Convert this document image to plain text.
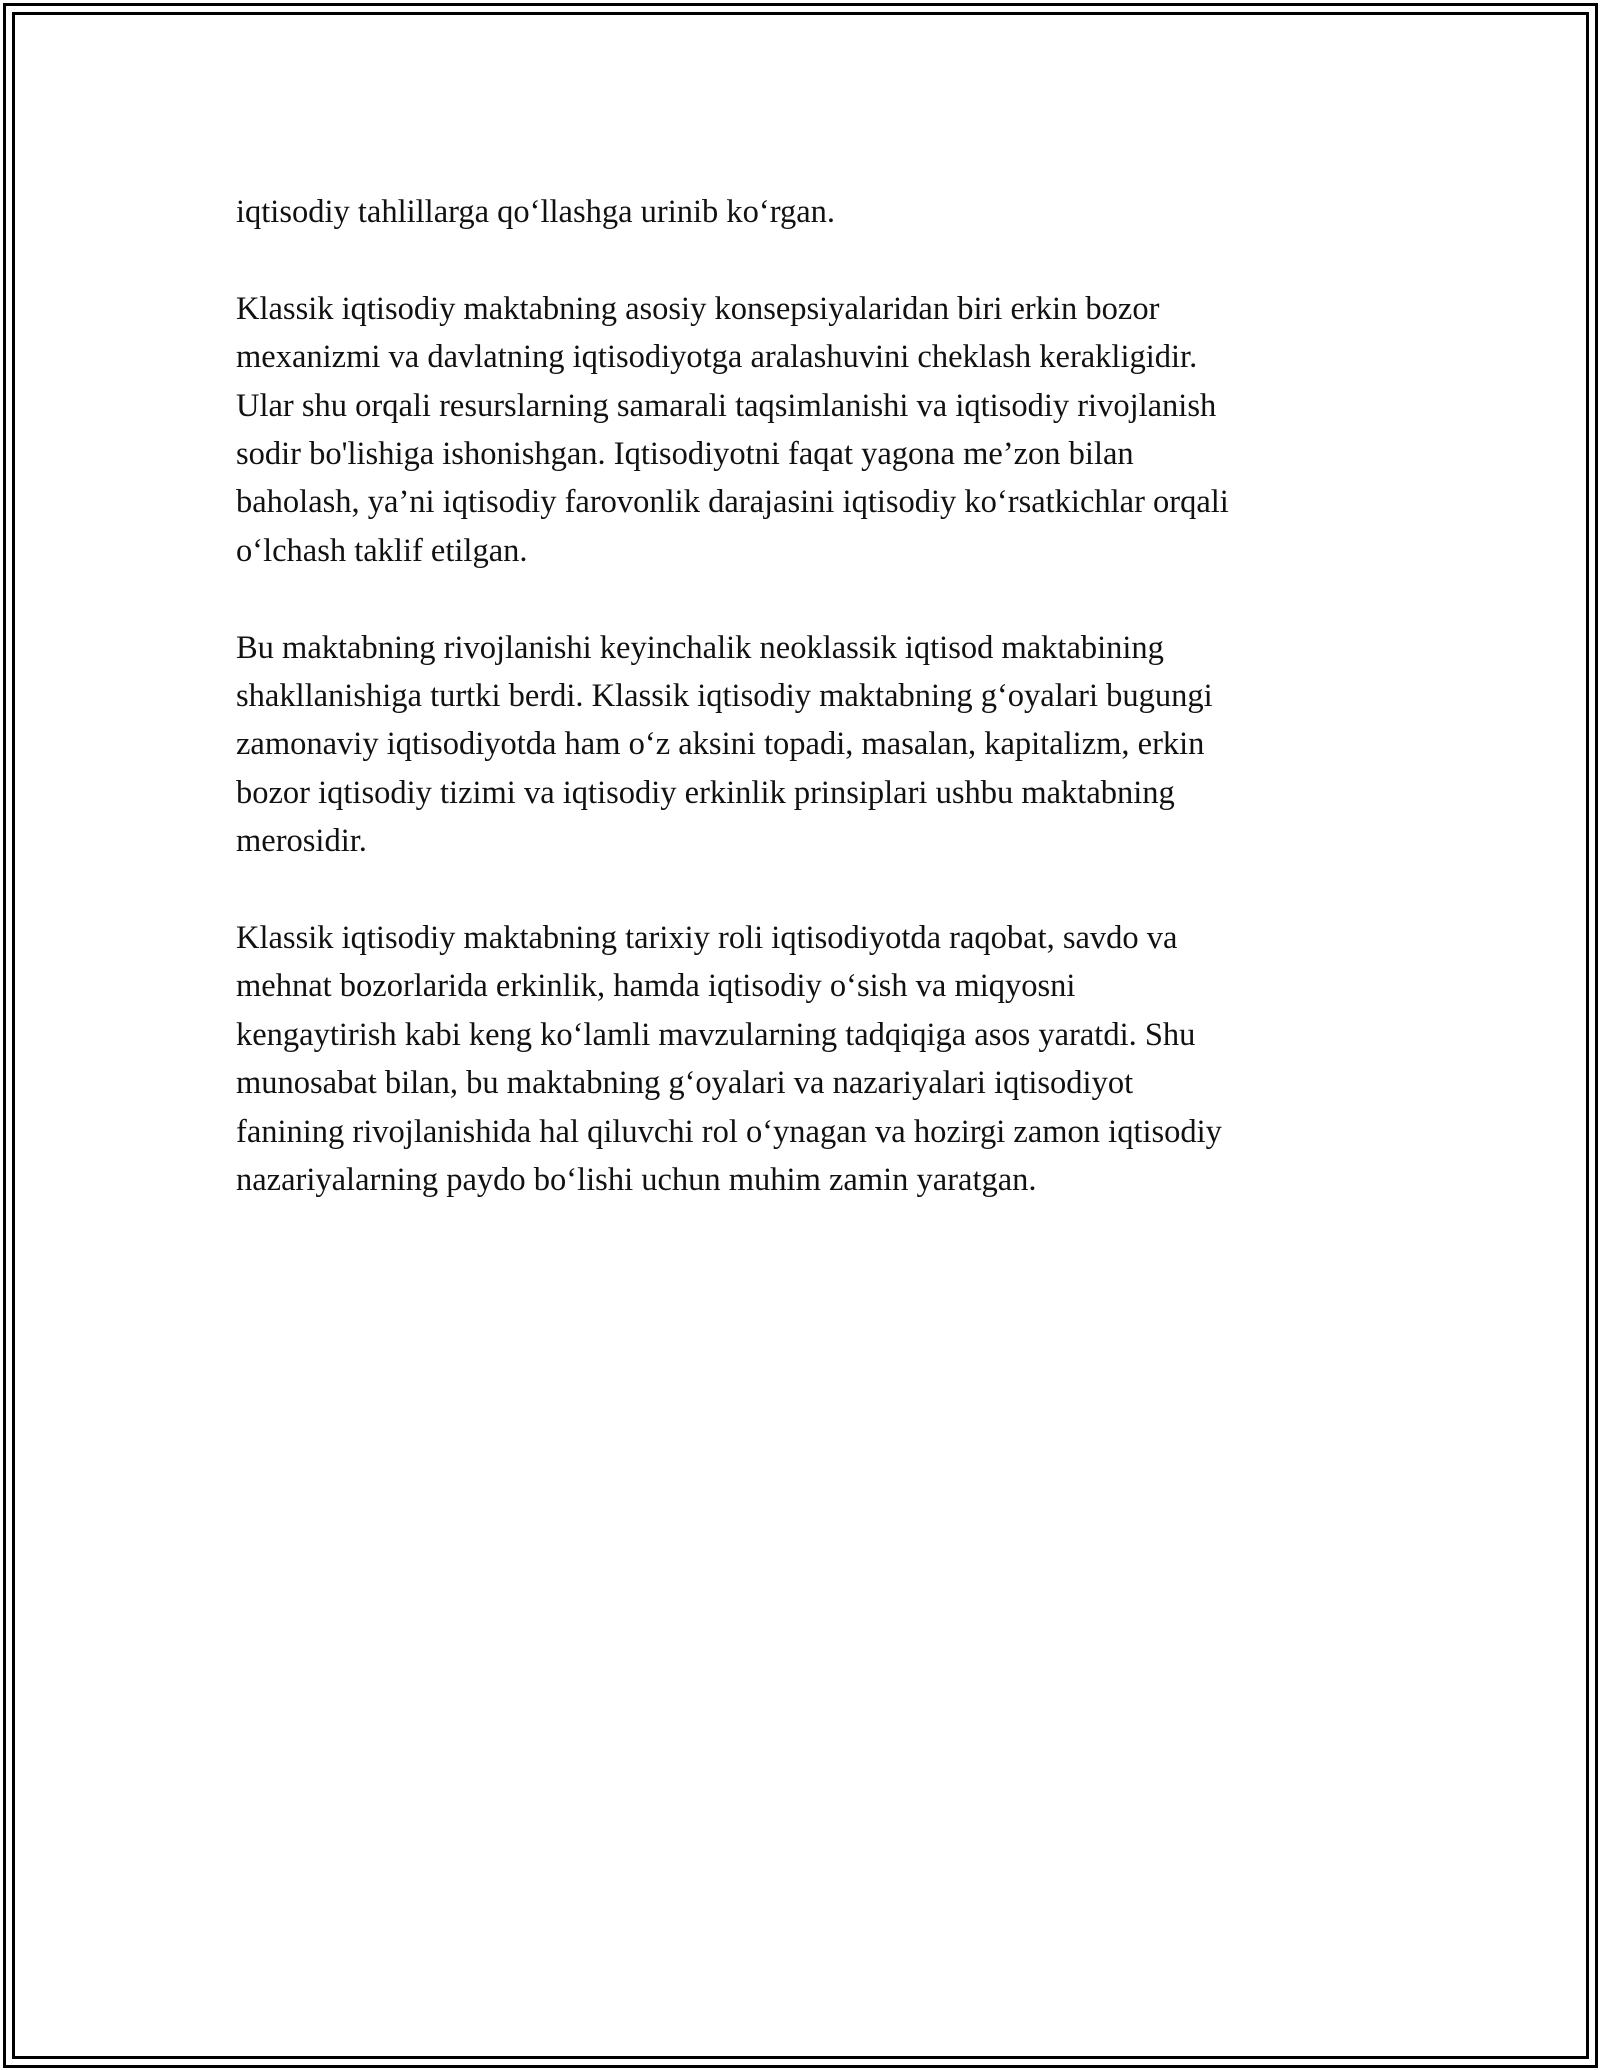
iqtisodiy tahlillarga qo‘llashga urinib ko‘rgan.

Klassik iqtisodiy maktabning asosiy konsepsiyalaridan biri erkin bozor
mexanizmi va davlatning iqtisodiyotga aralashuvini cheklash kerakligidir.
Ular shu orqali resurslarning samarali taqsimlanishi va iqtisodiy rivojlanish
sodir bo'lishiga ishonishgan. Iqtisodiyotni faqat yagona me’zon bilan
baholash, ya’ni iqtisodiy farovonlik darajasini iqtisodiy ko‘rsatkichlar orqali
o‘lchash taklif etilgan.

Bu maktabning rivojlanishi keyinchalik neoklassik iqtisod maktabining
shakllanishiga turtki berdi. Klassik iqtisodiy maktabning g‘oyalari bugungi
zamonaviy iqtisodiyotda ham o‘z aksini topadi, masalan, kapitalizm, erkin
bozor iqtisodiy tizimi va iqtisodiy erkinlik prinsiplari ushbu maktabning
merosidir.

Klassik iqtisodiy maktabning tarixiy roli iqtisodiyotda raqobat, savdo va
mehnat bozorlarida erkinlik, hamda iqtisodiy o‘sish va miqyosni
kengaytirish kabi keng ko‘lamli mavzularning tadqiqiga asos yaratdi. Shu
munosabat bilan, bu maktabning g‘oyalari va nazariyalari iqtisodiyot
fanining rivojlanishida hal qiluvchi rol o‘ynagan va hozirgi zamon iqtisodiy
nazariyalarning paydo bo‘lishi uchun muhim zamin yaratgan.
